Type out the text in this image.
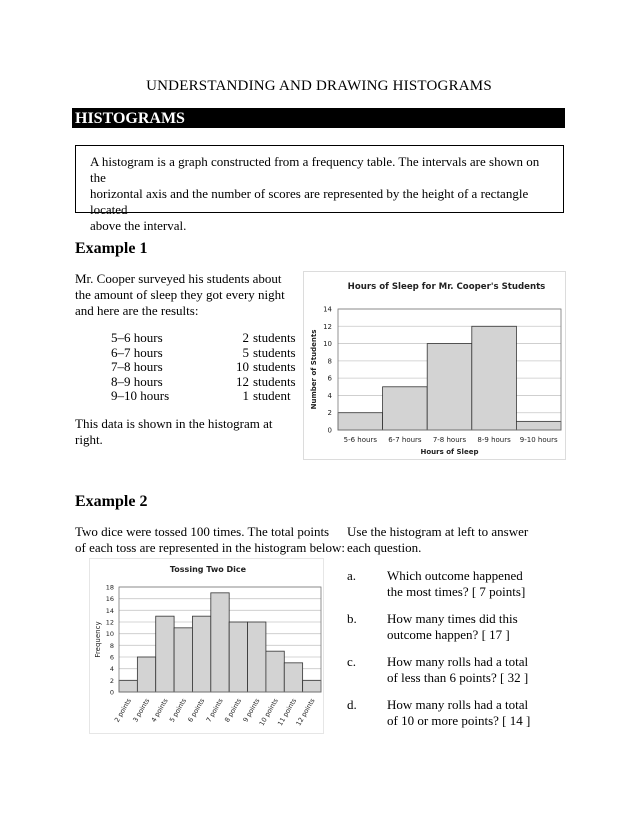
UNDERSTANDING AND DRAWING HISTOGRAMS
HISTOGRAMS
A histogram is a graph constructed from a frequency table. The intervals are shown on the
horizontal axis and the number of scores are represented by the height of a rectangle located
above the interval.
Example 1
Mr. Cooper surveyed his students about
the amount of sleep they got every night
and here are the results:
5–6 hours	2 students
6–7 hours	5 students
7–8 hours	10 students
8–9 hours	12 students
9–10 hours	1 student
This data is shown in the histogram at
right.
Hours of Sleep for Mr. Cooper's Students
0
2
4
6
8
10
12
14
5-6 hours 6-7 hours 7-8 hours 8-9 hours 9-10 hours
Hours of Sleep
Number of Students
Example 2
Two dice were tossed 100 times. The total points
of each toss are represented in the histogram below:
Tossing Two Dice
0
2
4
6
8
10
12
14
16
18
2 points
3 points
4 points
5 points
6 points
7 points
8 points
9 points
10 points
11 points
12 points
Frequency
Use the histogram at left to answer
each question.
a. Which outcome happened
the most times? [ 7 points]
b. How many times did this
outcome happen? [ 17 ]
c. How many rolls had a total
of less than 6 points? [ 32 ]
d. How many rolls had a total
of 10 or more points? [ 14 ]
